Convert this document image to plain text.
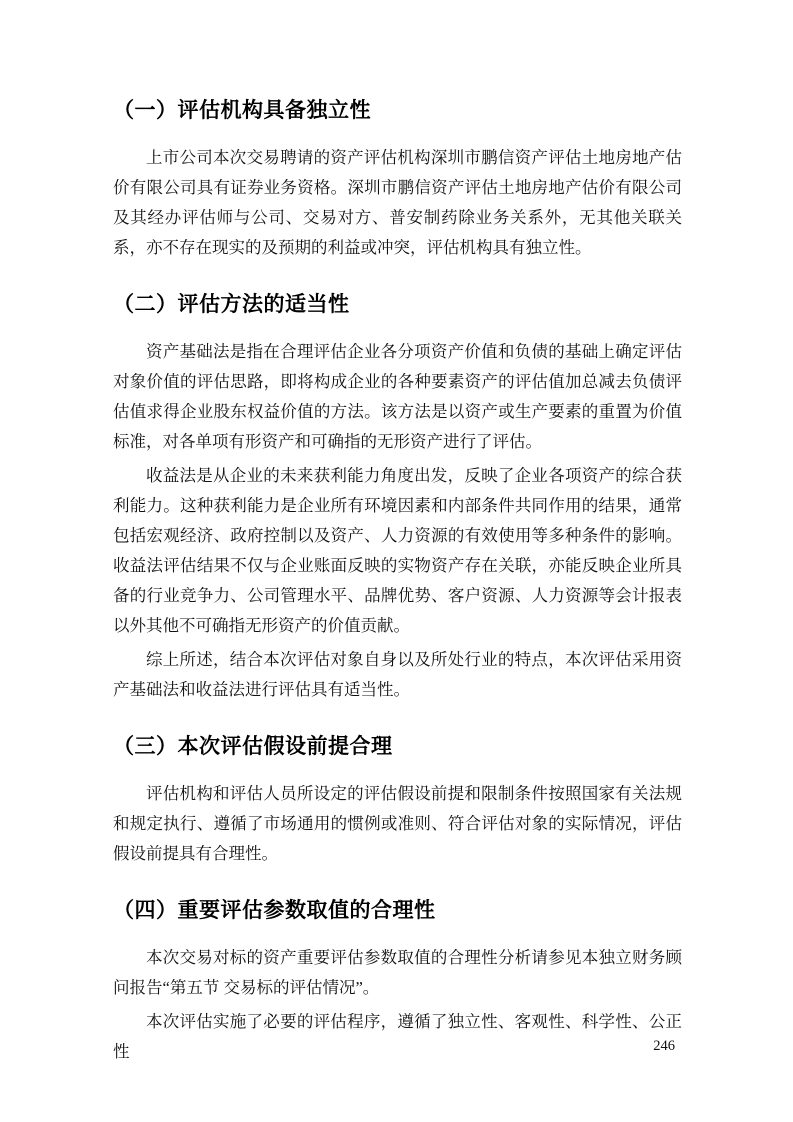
（一）评估机构具备独立性

上市公司本次交易聘请的资产评估机构深圳市鹏信资产评估土地房地产估价有限公司具有证券业务资格。深圳市鹏信资产评估土地房地产估价有限公司及其经办评估师与公司、交易对方、普安制药除业务关系外，无其他关联关系，亦不存在现实的及预期的利益或冲突，评估机构具有独立性。

（二）评估方法的适当性

资产基础法是指在合理评估企业各分项资产价值和负债的基础上确定评估对象价值的评估思路，即将构成企业的各种要素资产的评估值加总减去负债评估值求得企业股东权益价值的方法。该方法是以资产或生产要素的重置为价值标准，对各单项有形资产和可确指的无形资产进行了评估。

收益法是从企业的未来获利能力角度出发，反映了企业各项资产的综合获利能力。这种获利能力是企业所有环境因素和内部条件共同作用的结果，通常包括宏观经济、政府控制以及资产、人力资源的有效使用等多种条件的影响。收益法评估结果不仅与企业账面反映的实物资产存在关联，亦能反映企业所具备的行业竞争力、公司管理水平、品牌优势、客户资源、人力资源等会计报表以外其他不可确指无形资产的价值贡献。

综上所述，结合本次评估对象自身以及所处行业的特点，本次评估采用资产基础法和收益法进行评估具有适当性。

（三）本次评估假设前提合理

评估机构和评估人员所设定的评估假设前提和限制条件按照国家有关法规和规定执行、遵循了市场通用的惯例或准则、符合评估对象的实际情况，评估假设前提具有合理性。

（四）重要评估参数取值的合理性

本次交易对标的资产重要评估参数取值的合理性分析请参见本独立财务顾问报告“第五节 交易标的评估情况”。

本次评估实施了必要的评估程序，遵循了独立性、客观性、科学性、公正性	246
